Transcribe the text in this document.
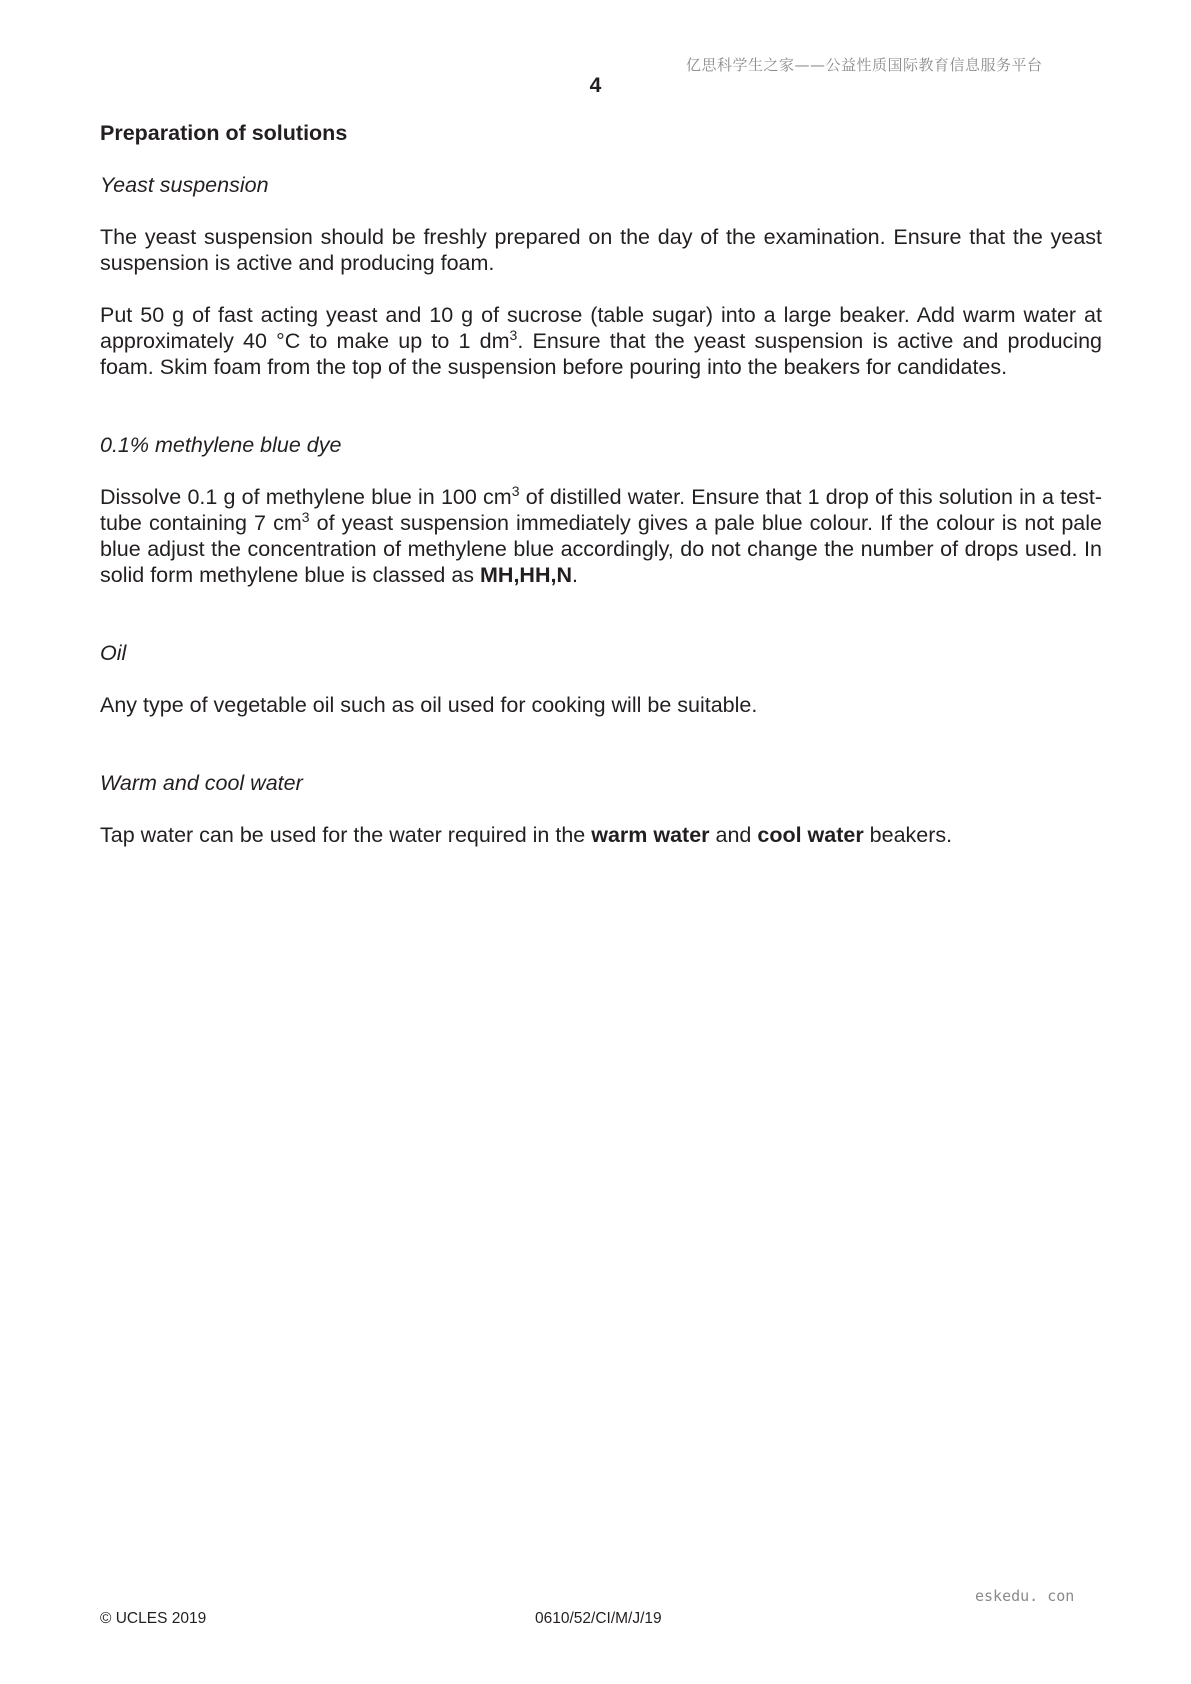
亿思科学生之家——公益性质国际教育信息服务平台
4

Preparation of solutions

Yeast suspension

The yeast suspension should be freshly prepared on the day of the examination. Ensure that the yeast suspension is active and producing foam.

Put 50 g of fast acting yeast and 10 g of sucrose (table sugar) into a large beaker. Add warm water at approximately 40 °C to make up to 1 $dm^3$. Ensure that the yeast suspension is active and producing foam. Skim foam from the top of the suspension before pouring into the beakers for candidates.

0.1% methylene blue dye

Dissolve 0.1 g of methylene blue in 100 $cm^3$ of distilled water. Ensure that 1 drop of this solution in a test-tube containing 7 $cm^3$ of yeast suspension immediately gives a pale blue colour. If the colour is not pale blue adjust the concentration of methylene blue accordingly, do not change the number of drops used. In solid form methylene blue is classed as MH,HH,N.

Oil

Any type of vegetable oil such as oil used for cooking will be suitable.

Warm and cool water

Tap water can be used for the water required in the warm water and cool water beakers.

eskedu. con
© UCLES 2019	0610/52/CI/M/J/19
